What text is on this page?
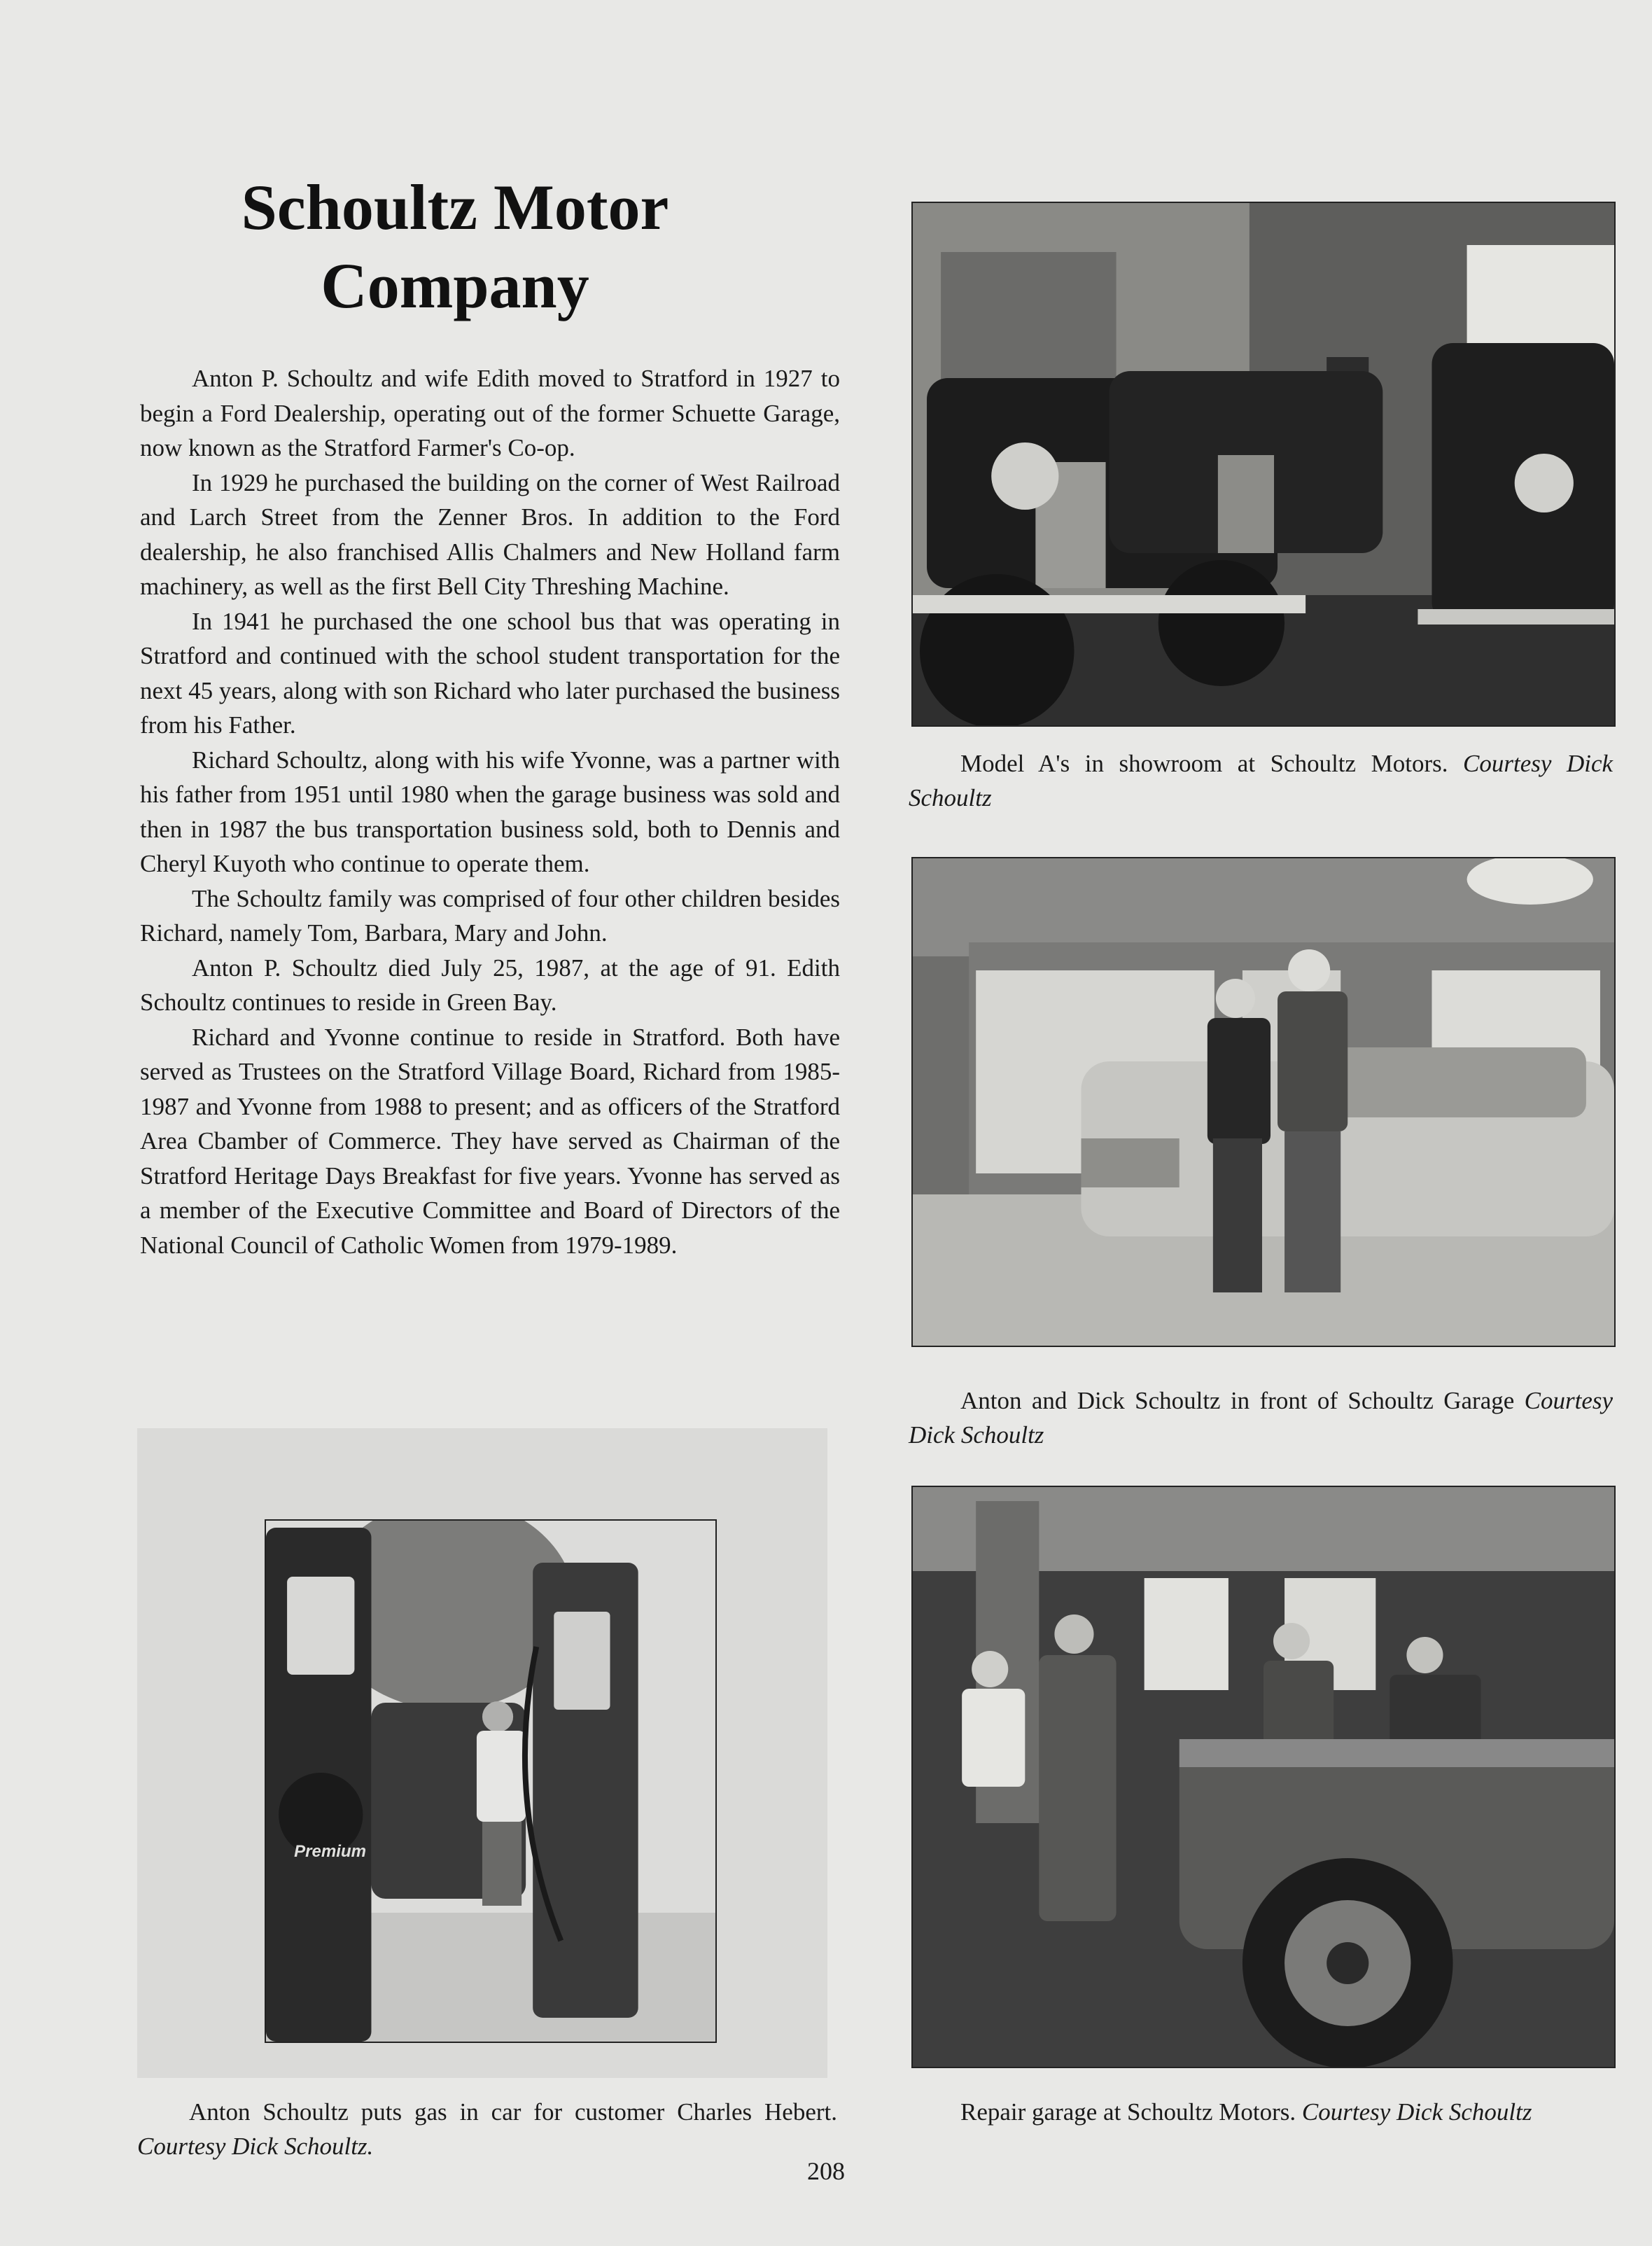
Schoultz Motor
Company

Anton P. Schoultz and wife Edith moved to Stratford in 1927 to begin a Ford Dealership, operating out of the former Schuette Garage, now known as the Stratford Farmer's Co-op.

In 1929 he purchased the building on the corner of West Railroad and Larch Street from the Zenner Bros. In addition to the Ford dealership, he also franchised Allis Chalmers and New Holland farm machinery, as well as the first Bell City Threshing Machine.

In 1941 he purchased the one school bus that was operating in Stratford and continued with the school student transportation for the next 45 years, along with son Richard who later purchased the business from his Father.

Richard Schoultz, along with his wife Yvonne, was a partner with his father from 1951 until 1980 when the garage business was sold and then in 1987 the bus transportation business sold, both to Dennis and Cheryl Kuyoth who continue to operate them.

The Schoultz family was comprised of four other children besides Richard, namely Tom, Barbara, Mary and John.

Anton P. Schoultz died July 25, 1987, at the age of 91. Edith Schoultz continues to reside in Green Bay.

Richard and Yvonne continue to reside in Stratford. Both have served as Trustees on the Stratford Village Board, Richard from 1985-1987 and Yvonne from 1988 to present; and as officers of the Stratford Area Cbamber of Commerce. They have served as Chairman of the Stratford Heritage Days Breakfast for five years. Yvonne has served as a member of the Executive Committee and Board of Directors of the National Council of Catholic Women from 1979-1989.

Model A's in showroom at Schoultz Motors. Courtesy Dick Schoultz
Anton and Dick Schoultz in front of Schoultz Garage Courtesy Dick Schoultz
Premium
Anton Schoultz puts gas in car for customer Charles Hebert. Courtesy Dick Schoultz.
Repair garage at Schoultz Motors. Courtesy Dick Schoultz
208
